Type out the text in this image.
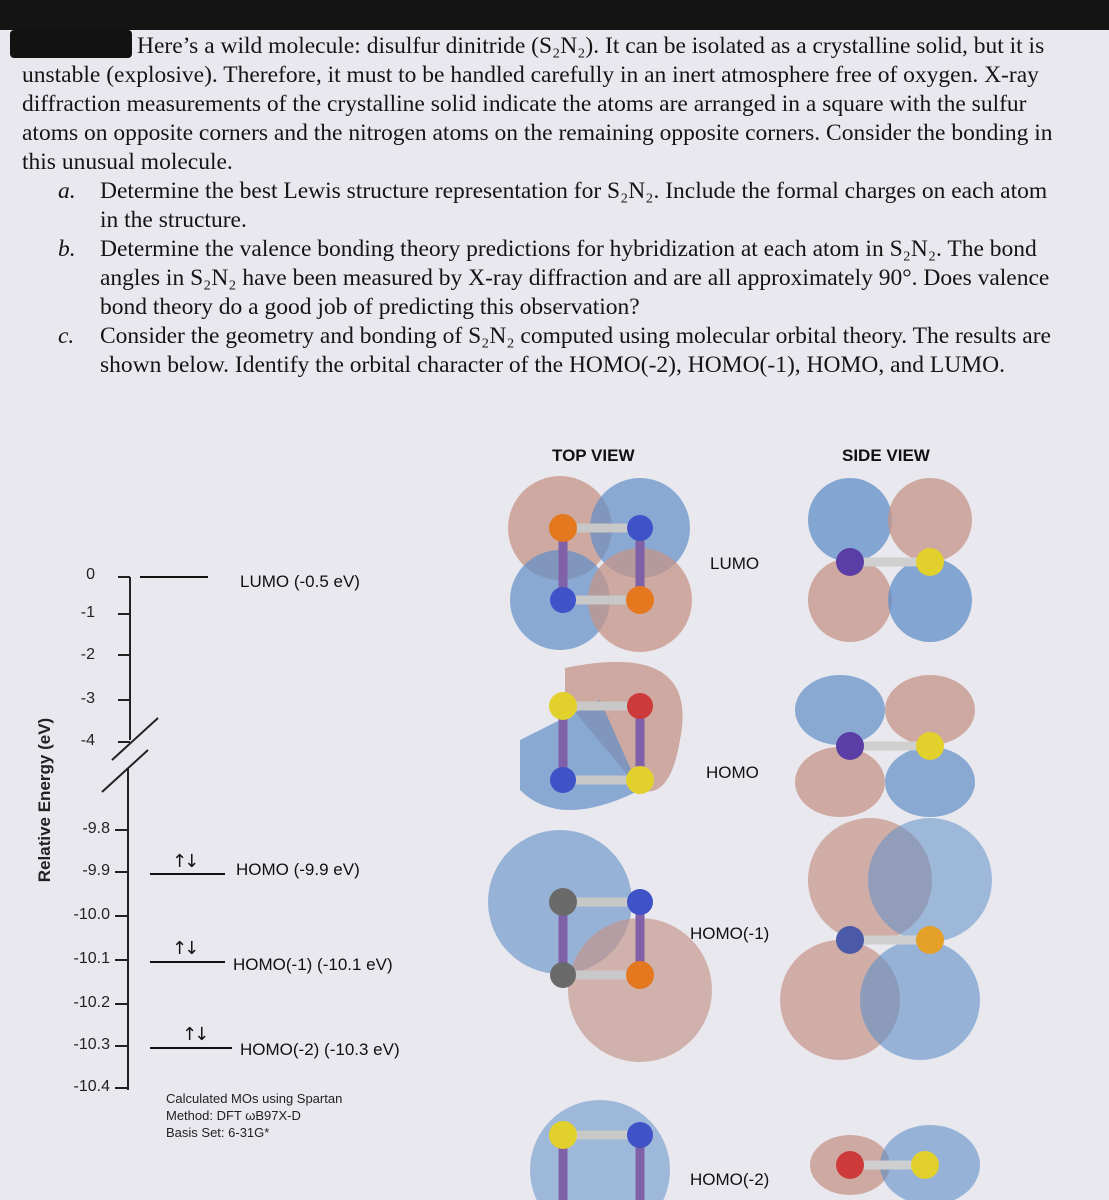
Here’s a wild molecule: disulfur dinitride (S₂N₂). It can be isolated as a crystalline solid, but it is unstable (explosive). Therefore, it must to be handled carefully in an inert atmosphere free of oxygen. X-ray diffraction measurements of the crystalline solid indicate the atoms are arranged in a square with the sulfur atoms on opposite corners and the nitrogen atoms on the remaining opposite corners. Consider the bonding in this unusual molecule.

a. Determine the best Lewis structure representation for S₂N₂. Include the formal charges on each atom in the structure.
b. Determine the valence bonding theory predictions for hybridization at each atom in S₂N₂. The bond angles in S₂N₂ have been measured by X-ray diffraction and are all approximately 90°. Does valence bond theory do a good job of predicting this observation?
c. Consider the geometry and bonding of S₂N₂ computed using molecular orbital theory. The results are shown below. Identify the orbital character of the HOMO(-2), HOMO(-1), HOMO, and LUMO.
Relative Energy (eV)
0
-1
-2
-3
-4
-9.8
-9.9
-10.0
-10.1
-10.2
-10.3
-10.4
LUMO (-0.5 eV)
↑↓ HOMO (-9.9 eV)
↑↓
HOMO(-1) (-10.1 eV)
↑↓
HOMO(-2) (-10.3 eV)
Calculated MOs using Spartan
Method: DFT ωB97X-D
Basis Set: 6-31G*
TOP VIEW	SIDE VIEW
LUMO
HOMO
HOMO(-1)
HOMO(-2)
